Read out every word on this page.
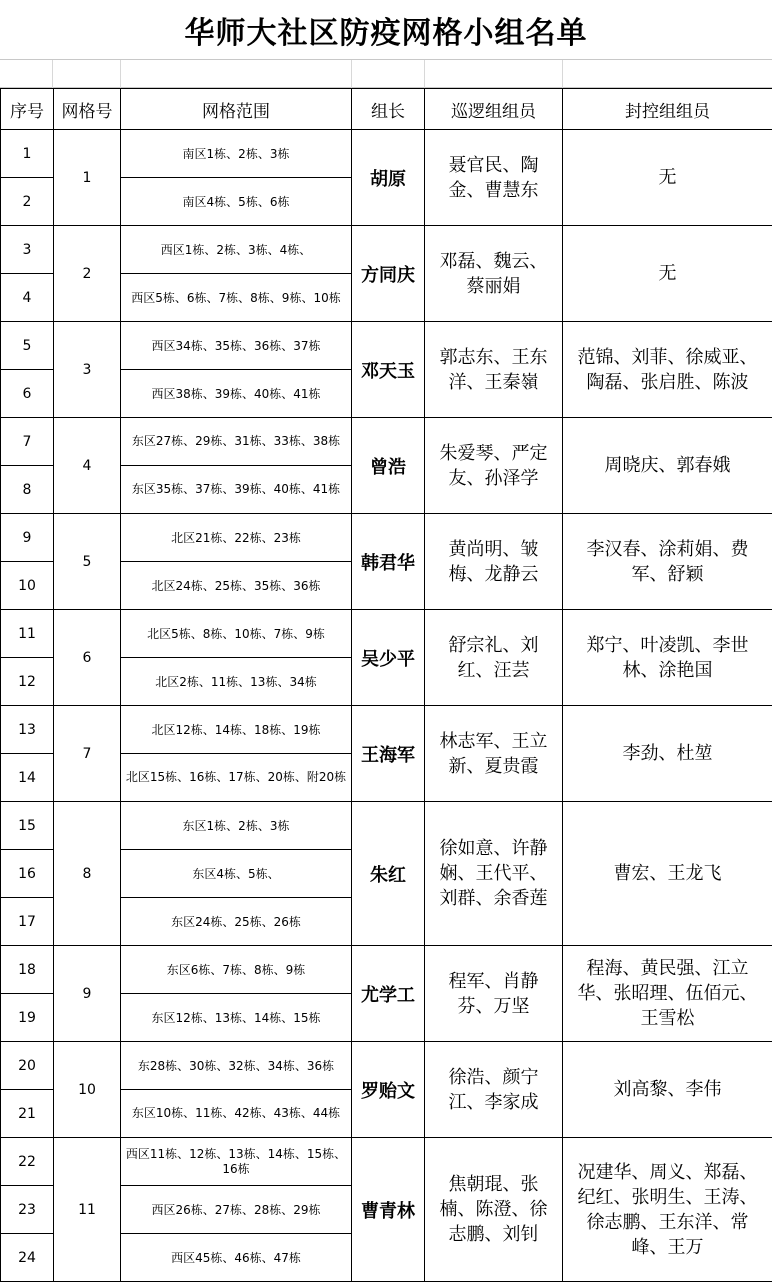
华师大社区防疫网格小组名单
序号	网格号	网格范围	组长	巡逻组组员	封控组组员
1	1	南区1栋、2栋、3栋	胡原	聂官民、陶金、曹慧东	无
2		南区4栋、5栋、6栋			
3	2	西区1栋、2栋、3栋、4栋、	方同庆	邓磊、魏云、蔡丽娟	无
4		西区5栋、6栋、7栋、8栋、9栋、10栋			
5	3	西区34栋、35栋、36栋、37栋	邓天玉	郭志东、王东洋、王秦嶺	范锦、刘菲、徐威亚、陶磊、张启胜、陈波
6		西区38栋、39栋、40栋、41栋			
7	4	东区27栋、29栋、31栋、33栋、38栋	曾浩	朱爱琴、严定友、孙泽学	周晓庆、郭春娥
8		东区35栋、37栋、39栋、40栋、41栋			
9	5	北区21栋、22栋、23栋	韩君华	黄尚明、皱梅、龙静云	李汉春、涂莉娟、费军、舒颖
10		北区24栋、25栋、35栋、36栋			
11	6	北区5栋、8栋、10栋、7栋、9栋	吴少平	舒宗礼、刘红、汪芸	郑宁、叶凌凯、李世林、涂艳国
12		北区2栋、11栋、13栋、34栋			
13	7	北区12栋、14栋、18栋、19栋	王海军	林志军、王立新、夏贵霞	李劲、杜堃
14		北区15栋、16栋、17栋、20栋、附20栋			
15	8	东区1栋、2栋、3栋	朱红	徐如意、许静娴、王代平、刘群、余香莲	曹宏、王龙飞
16		东区4栋、5栋、			
17		东区24栋、25栋、26栋			
18	9	东区6栋、7栋、8栋、9栋	尤学工	程军、肖静芬、万坚	程海、黄民强、江立华、张昭理、伍佰元、王雪松
19		东区12栋、13栋、14栋、15栋			
20	10	东28栋、30栋、32栋、34栋、36栋	罗贻文	徐浩、颜宁江、李家成	刘高黎、李伟
21		东区10栋、11栋、42栋、43栋、44栋			
22	11	西区11栋、12栋、13栋、14栋、15栋、16栋	曹青林	焦朝琨、张楠、陈澄、徐志鹏、刘钊	况建华、周义、郑磊、纪红、张明生、王涛、徐志鹏、王东洋、常峰、王万
23		西区26栋、27栋、28栋、29栋			
24		西区45栋、46栋、47栋			
